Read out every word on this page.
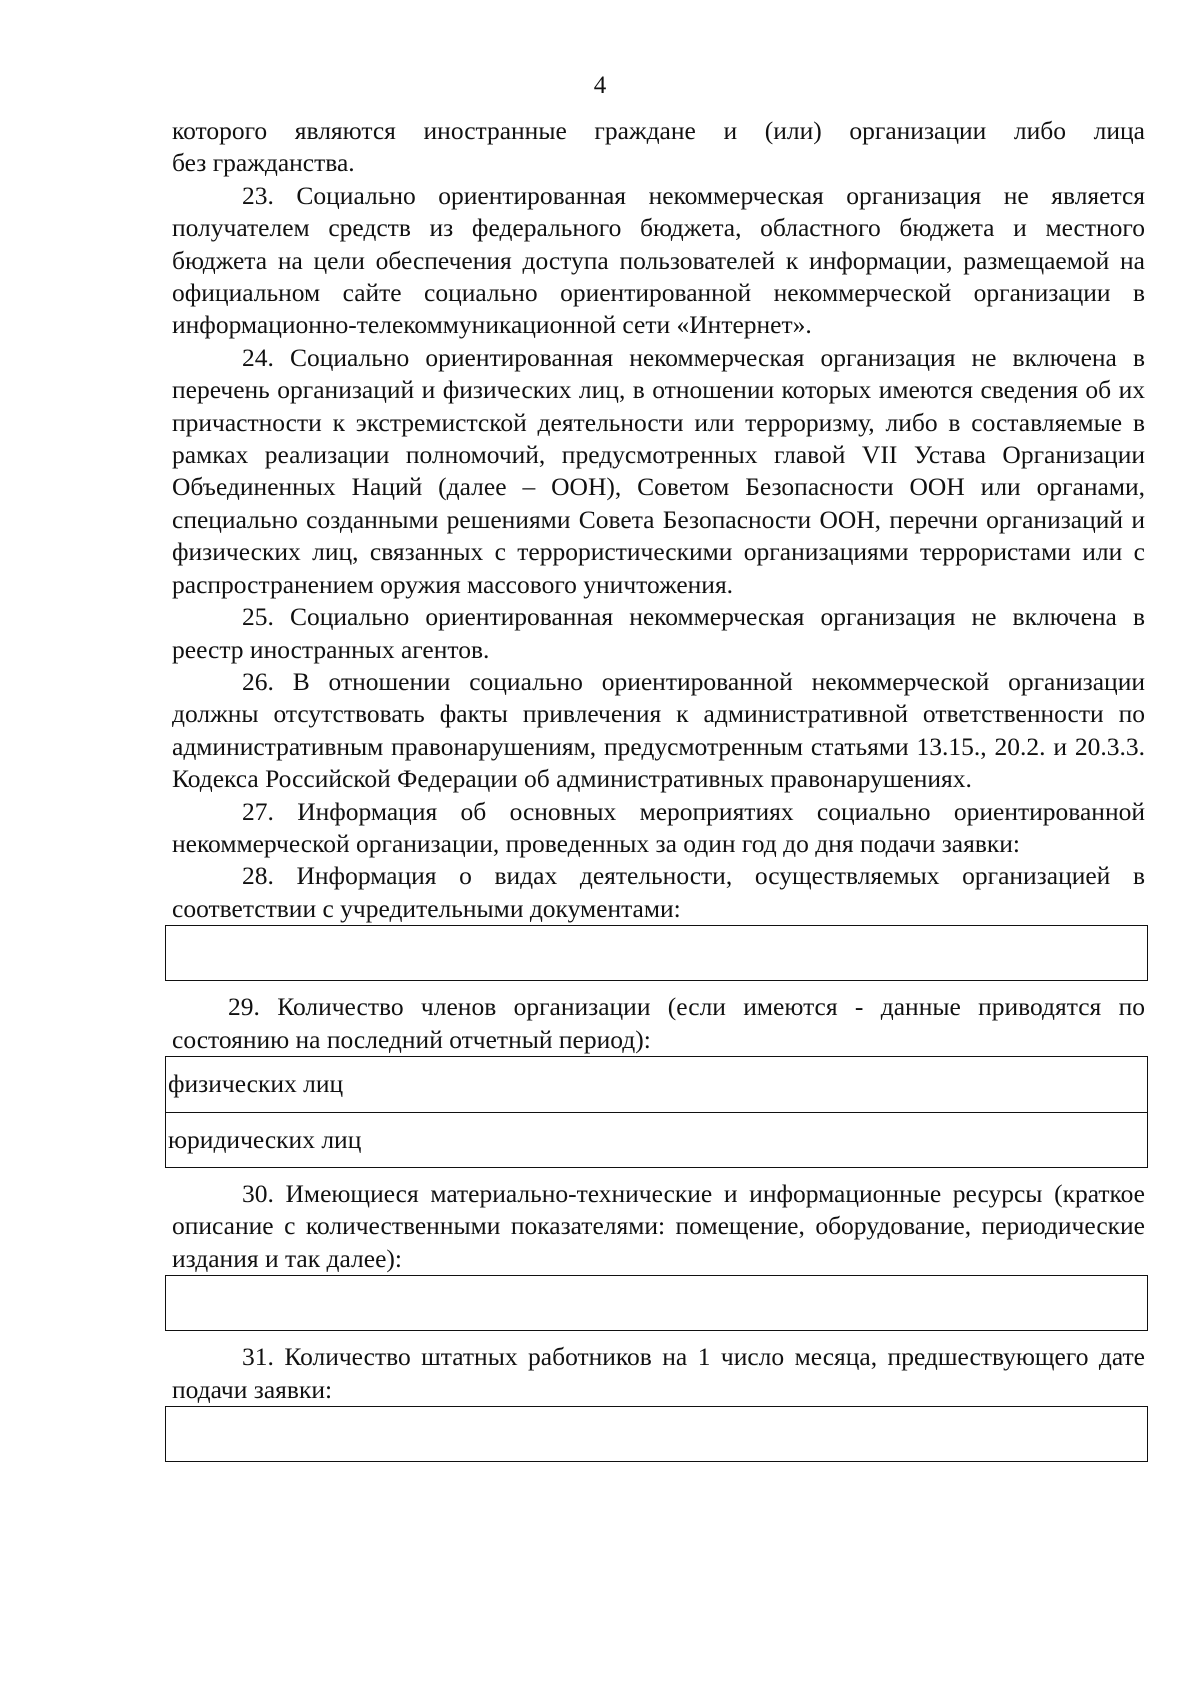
4

которого являются иностранные граждане и (или) организации либо лица

без гражданства.

23. Социально ориентированная некоммерческая организация не является получателем средств из федерального бюджета, областного бюджета и местного бюджета на цели обеспечения доступа пользователей к информации, размещаемой на официальном сайте социально ориентированной некоммерческой организации в информационно-телекоммуникационной сети «Интернет».

24. Социально ориентированная некоммерческая организация не включена в перечень организаций и физических лиц, в отношении которых имеются сведения об их причастности к экстремистской деятельности или терроризму, либо в составляемые в рамках реализации полномочий, предусмотренных главой VII Устава Организации Объединенных Наций (далее – ООН), Советом Безопасности ООН или органами, специально созданными решениями Совета Безопасности ООН, перечни организаций и физических лиц, связанных с террористическими организациями террористами или с распространением оружия массового уничтожения.

25. Социально ориентированная некоммерческая организация не включена в реестр иностранных агентов.

26. В отношении социально ориентированной некоммерческой организации должны отсутствовать факты привлечения к административной ответственности по административным правонарушениям, предусмотренным статьями 13.15., 20.2. и 20.3.3. Кодекса Российской Федерации об административных правонарушениях.

27. Информация об основных мероприятиях социально ориентированной некоммерческой организации, проведенных за один год до дня подачи заявки:

28. Информация о видах деятельности, осуществляемых организацией в соответствии с учредительными документами:

29. Количество членов организации (если имеются - данные приводятся по состоянию на последний отчетный период):

физических лиц
юридических лиц

30. Имеющиеся материально-технические и информационные ресурсы (краткое описание с количественными показателями: помещение, оборудование, периодические издания и так далее):

31. Количество штатных работников на 1 число месяца, предшествующего дате подачи заявки:
